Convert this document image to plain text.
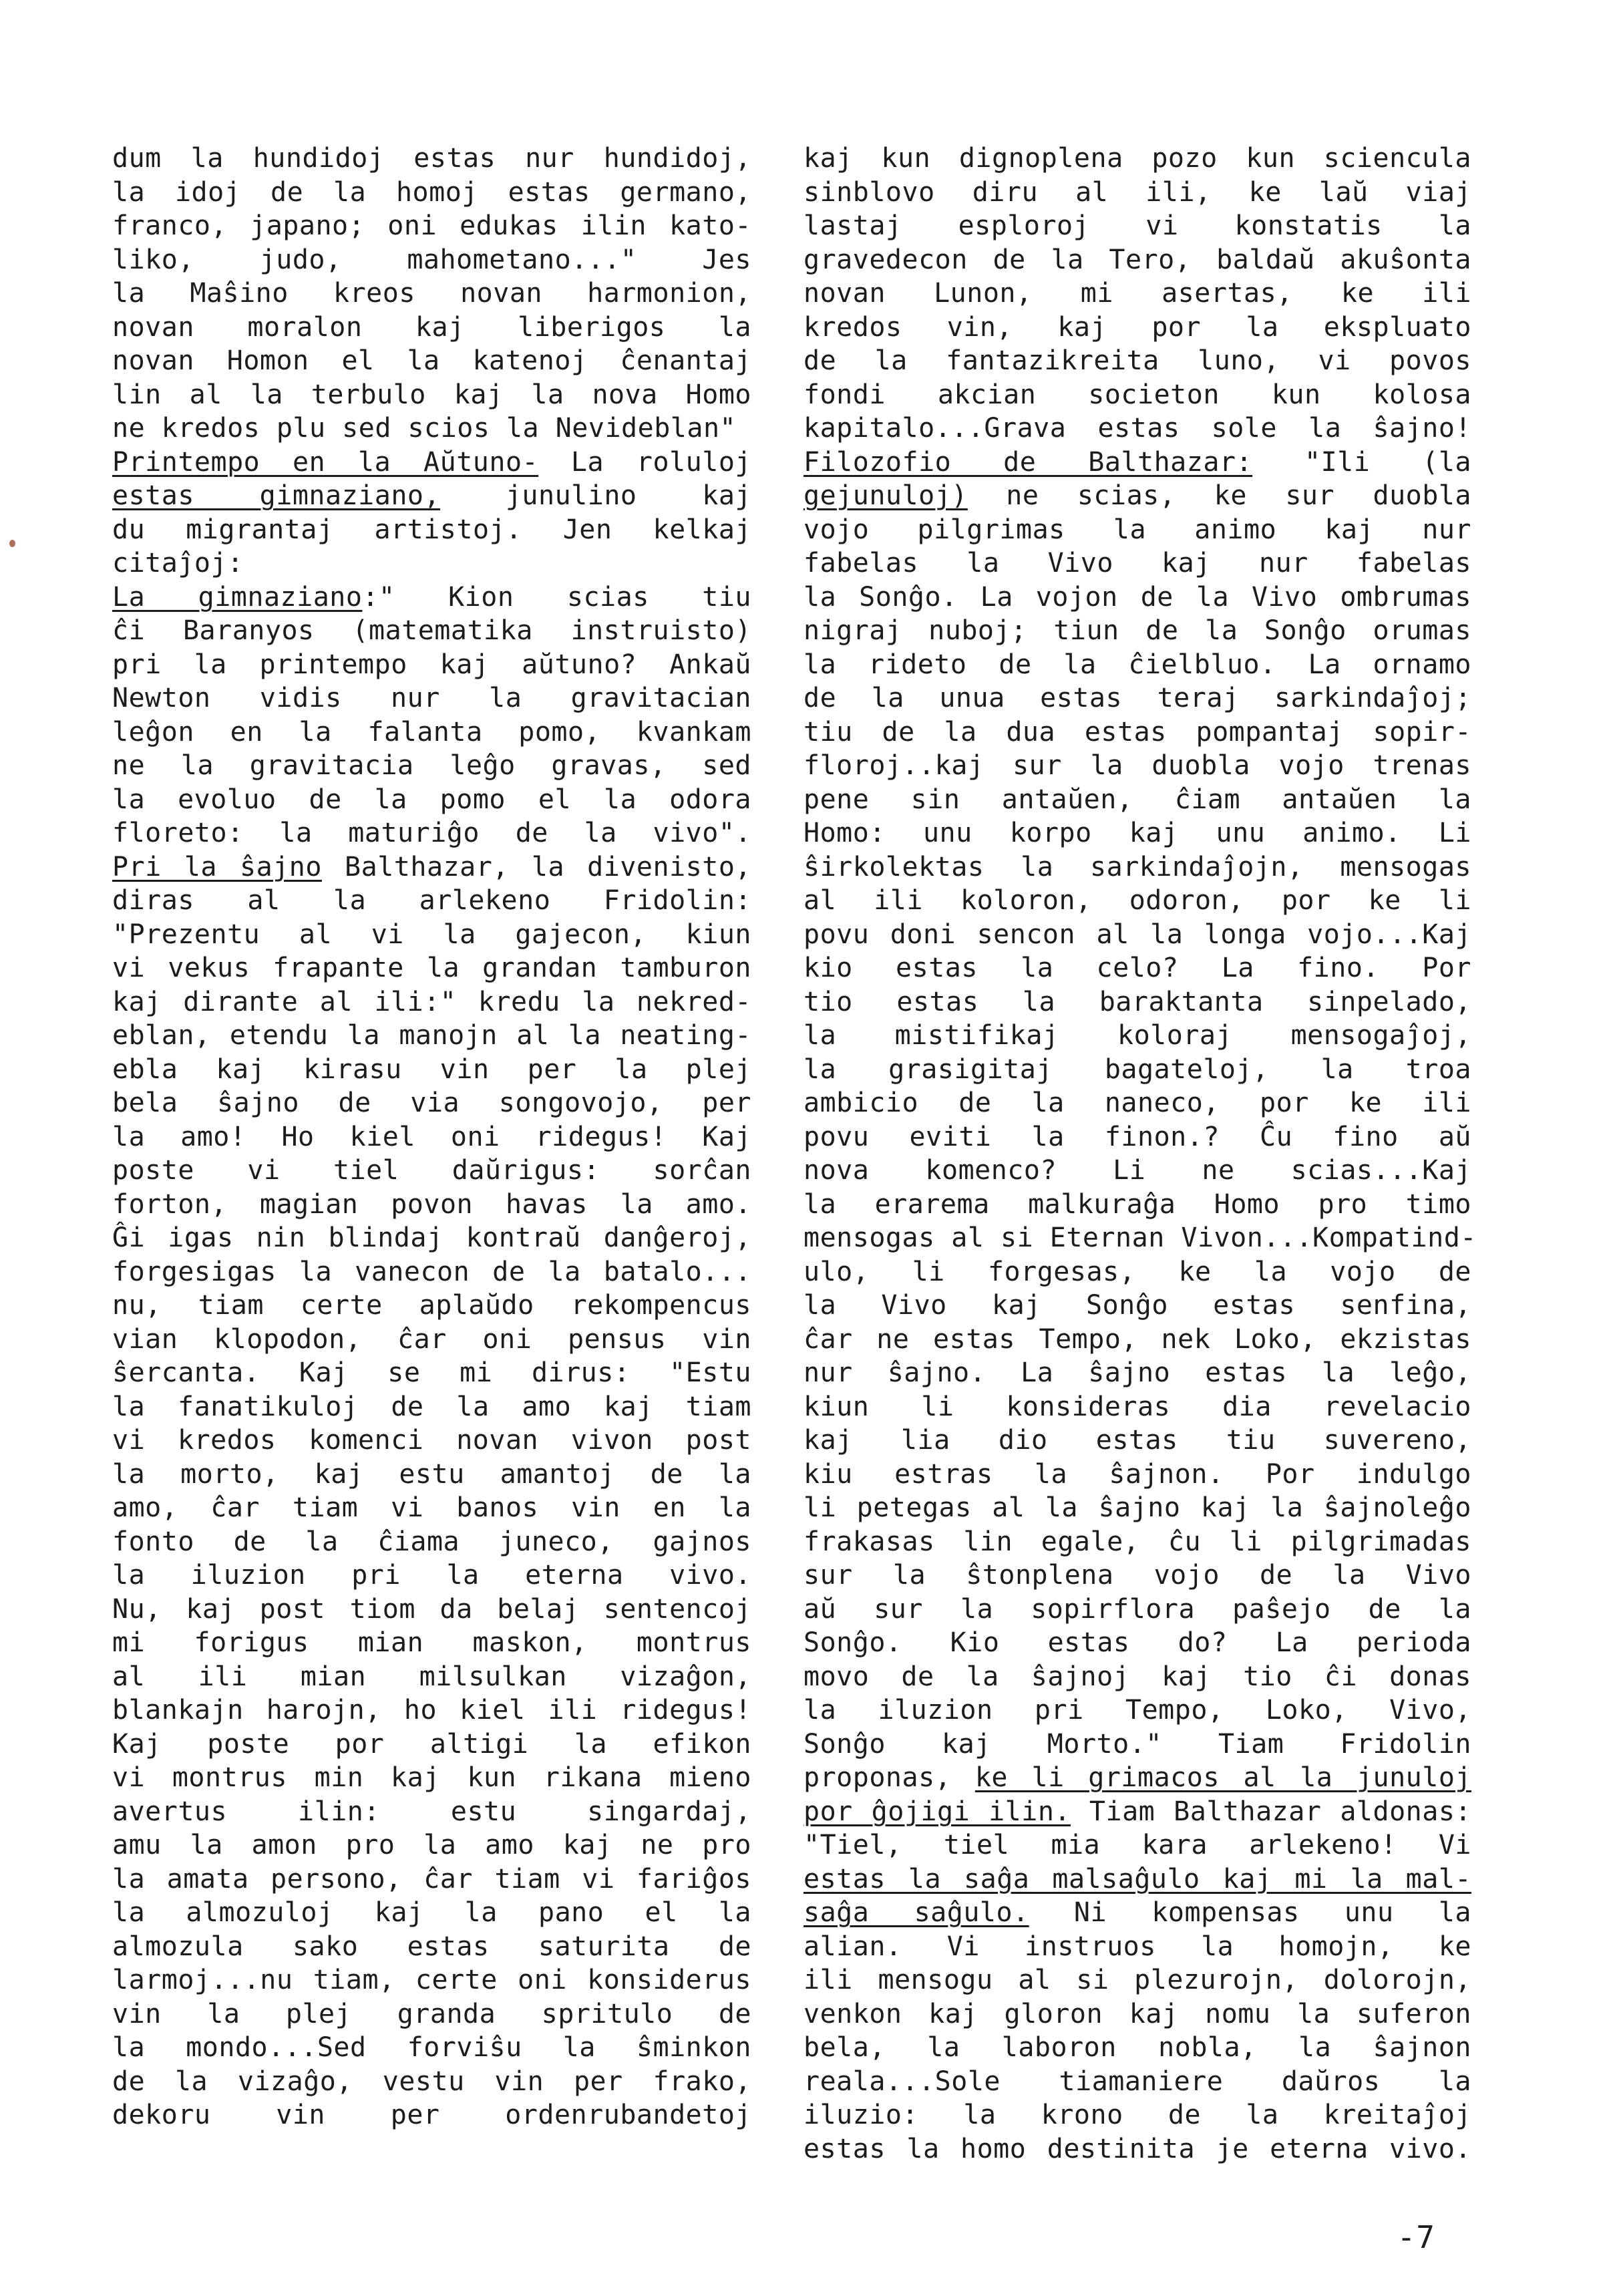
dum la hundidoj estas nur hundidoj,
la idoj de la homoj estas germano,
franco, japano; oni edukas ilin kato-
liko, judo, mahometano..." Jes
la Maŝino kreos novan harmonion,
novan moralon kaj liberigos la
novan Homon el la katenoj ĉenantaj
lin al la terbulo kaj la nova Homo
ne kredos plu sed scios la Nevideblan"
Printempo en la Aŭtuno- La roluloj
estas gimnaziano, junulino kaj
du migrantaj artistoj. Jen kelkaj
citaĵoj:
La gimnaziano:" Kion scias tiu
ĉi Baranyos (matematika instruisto)
pri la printempo kaj aŭtuno? Ankaŭ
Newton vidis nur la gravitacian
leĝon en la falanta pomo, kvankam
ne la gravitacia leĝo gravas, sed
la evoluo de la pomo el la odora
floreto: la maturiĝo de la vivo".
Pri la ŝajno Balthazar, la divenisto,
diras al la arlekeno Fridolin:
"Prezentu al vi la gajecon, kiun
vi vekus frapante la grandan tamburon
kaj dirante al ili:" kredu la nekred-
eblan, etendu la manojn al la neating-
ebla kaj kirasu vin per la plej
bela ŝajno de via songovojo, per
la amo! Ho kiel oni ridegus! Kaj
poste vi tiel daŭrigus: sorĉan
forton, magian povon havas la amo.
Ĝi igas nin blindaj kontraŭ danĝeroj,
forgesigas la vanecon de la batalo...
nu, tiam certe aplaŭdo rekompencus
vian klopodon, ĉar oni pensus vin
ŝercanta. Kaj se mi dirus: "Estu
la fanatikuloj de la amo kaj tiam
vi kredos komenci novan vivon post
la morto, kaj estu amantoj de la
amo, ĉar tiam vi banos vin en la
fonto de la ĉiama juneco, gajnos
la iluzion pri la eterna vivo.
Nu, kaj post tiom da belaj sentencoj
mi forigus mian maskon, montrus
al ili mian milsulkan vizaĝon,
blankajn harojn, ho kiel ili ridegus!
Kaj poste por altigi la efikon
vi montrus min kaj kun rikana mieno
avertus ilin: estu singardaj,
amu la amon pro la amo kaj ne pro
la amata persono, ĉar tiam vi fariĝos
la almozuloj kaj la pano el la
almozula sako estas saturita de
larmoj...nu tiam, certe oni konsiderus
vin la plej granda spritulo de
la mondo...Sed forviŝu la ŝminkon
de la vizaĝo, vestu vin per frako,
dekoru vin per ordenrubandetoj
kaj kun dignoplena pozo kun sciencula
sinblovo diru al ili, ke laŭ viaj
lastaj esploroj vi konstatis la
gravedecon de la Tero, baldaŭ akuŝonta
novan Lunon, mi asertas, ke ili
kredos vin, kaj por la ekspluato
de la fantazikreita luno, vi povos
fondi akcian societon kun kolosa
kapitalo...Grava estas sole la ŝajno!
Filozofio de Balthazar: "Ili (la
gejunuloj) ne scias, ke sur duobla
vojo pilgrimas la animo kaj nur
fabelas la Vivo kaj nur fabelas
la Sonĝo. La vojon de la Vivo ombrumas
nigraj nuboj; tiun de la Sonĝo orumas
la rideto de la ĉielbluo. La ornamo
de la unua estas teraj sarkindaĵoj;
tiu de la dua estas pompantaj sopir-
floroj..kaj sur la duobla vojo trenas
pene sin antaŭen, ĉiam antaŭen la
Homo: unu korpo kaj unu animo. Li
ŝirkolektas la sarkindaĵojn, mensogas
al ili koloron, odoron, por ke li
povu doni sencon al la longa vojo...Kaj
kio estas la celo? La fino. Por
tio estas la baraktanta sinpelado,
la mistifikaj koloraj mensogaĵoj,
la grasigitaj bagateloj, la troa
ambicio de la naneco, por ke ili
povu eviti la finon.? Ĉu fino aŭ
nova komenco? Li ne scias...Kaj
la erarema malkuraĝa Homo pro timo
mensogas al si Eternan Vivon...Kompatind-
ulo, li forgesas, ke la vojo de
la Vivo kaj Sonĝo estas senfina,
ĉar ne estas Tempo, nek Loko, ekzistas
nur ŝajno. La ŝajno estas la leĝo,
kiun li konsideras dia revelacio
kaj lia dio estas tiu suvereno,
kiu estras la ŝajnon. Por indulgo
li petegas al la ŝajno kaj la ŝajnoleĝo
frakasas lin egale, ĉu li pilgrimadas
sur la ŝtonplena vojo de la Vivo
aŭ sur la sopirflora paŝejo de la
Sonĝo. Kio estas do? La perioda
movo de la ŝajnoj kaj tio ĉi donas
la iluzion pri Tempo, Loko, Vivo,
Sonĝo kaj Morto." Tiam Fridolin
proponas, ke li grimacos al la junuloj
por ĝojigi ilin. Tiam Balthazar aldonas:
"Tiel, tiel mia kara arlekeno! Vi
estas la saĝa malsaĝulo kaj mi la mal-
saĝa saĝulo. Ni kompensas unu la
alian. Vi instruos la homojn, ke
ili mensogu al si plezurojn, dolorojn,
venkon kaj gloron kaj nomu la suferon
bela, la laboron nobla, la ŝajnon
reala...Sole tiamaniere daŭros la
iluzio: la krono de la kreitaĵoj
estas la homo destinita je eterna vivo.
-7
